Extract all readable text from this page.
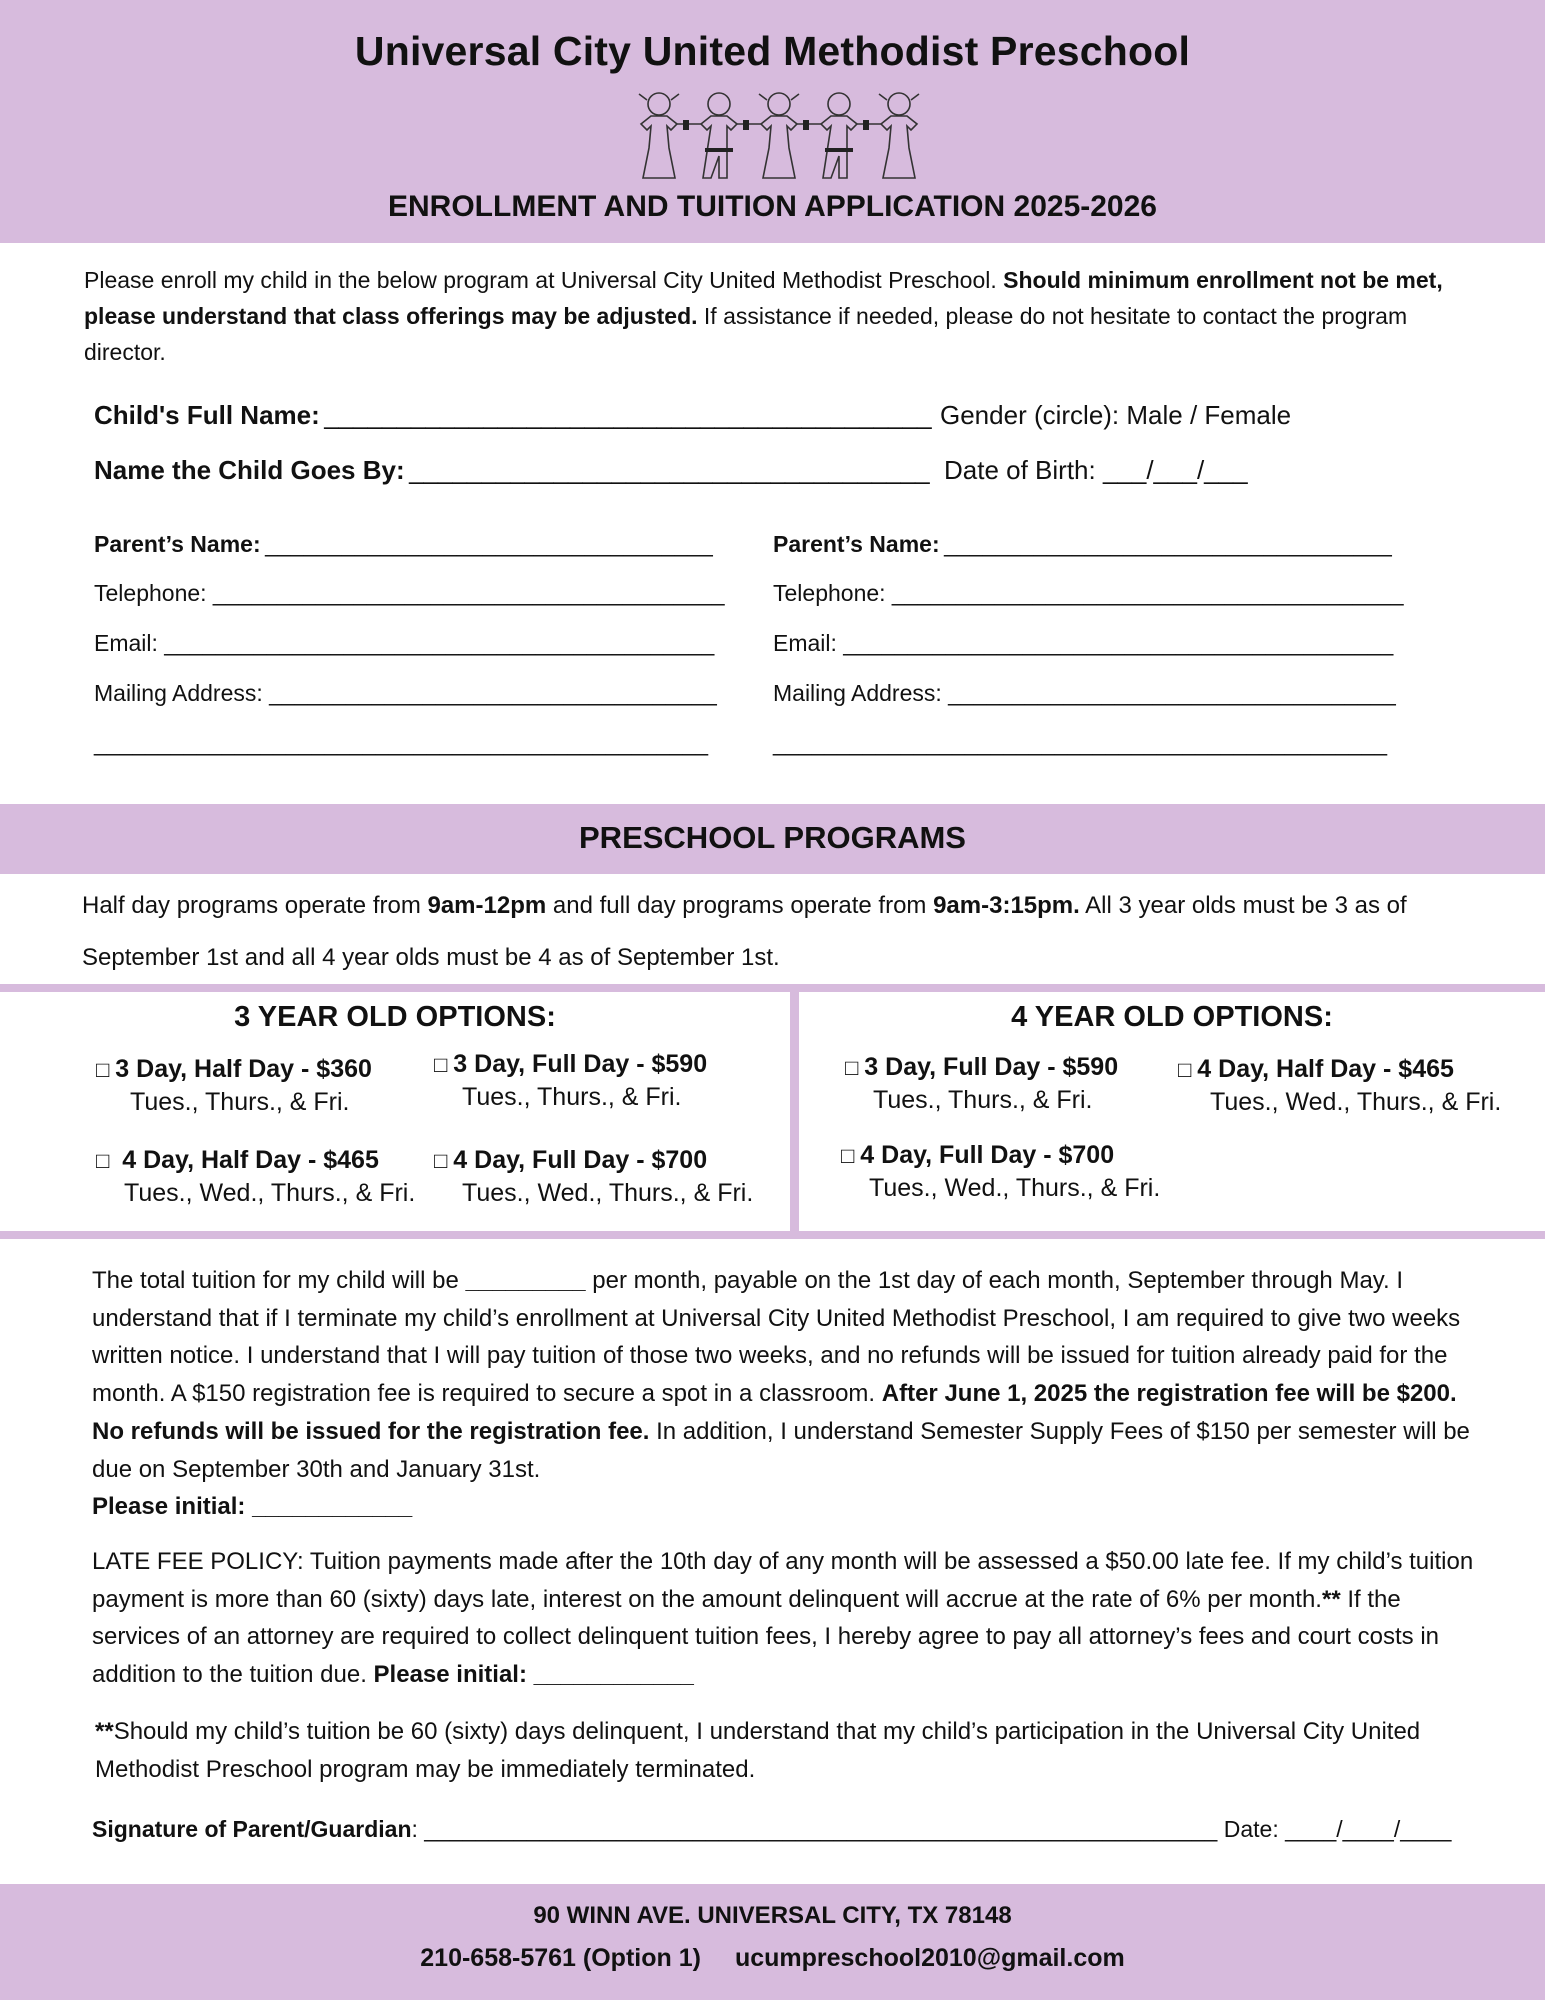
Universal City United Methodist Preschool
ENROLLMENT AND TUITION APPLICATION 2025-2026
Please enroll my child in the below program at Universal City United Methodist Preschool. Should minimum enrollment not be met, please understand that class offerings may be adjusted. If assistance if needed, please do not hesitate to contact the program director.
Child's Full Name: __________________________________________ Gender (circle): Male / Female
Name the Child Goes By: ____________________________________ Date of Birth: ___/___/___
Parent’s Name: ___________________________________
Telephone: ________________________________________
Email: ___________________________________________
Mailing Address: ___________________________________
________________________________________________
Parent’s Name: ___________________________________
Telephone: ________________________________________
Email: ___________________________________________
Mailing Address: ___________________________________
________________________________________________
PRESCHOOL PROGRAMS
Half day programs operate from 9am-12pm and full day programs operate from 9am-3:15pm. All 3 year olds must be 3 as of September 1st and all 4 year olds must be 4 as of September 1st.
3 YEAR OLD OPTIONS:	4 YEAR OLD OPTIONS:
□ 3 Day, Half Day - $360
Tues., Thurs., & Fri.
□ 3 Day, Full Day - $590
Tues., Thurs., & Fri.
□ 4 Day, Half Day - $465
Tues., Wed., Thurs., & Fri.
□ 4 Day, Full Day - $700
Tues., Wed., Thurs., & Fri.
□ 3 Day, Full Day - $590
Tues., Thurs., & Fri.
□ 4 Day, Half Day - $465
Tues., Wed., Thurs., & Fri.
□ 4 Day, Full Day - $700
Tues., Wed., Thurs., & Fri.
The total tuition for my child will be _________ per month, payable on the 1st day of each month, September through May. I understand that if I terminate my child’s enrollment at Universal City United Methodist Preschool, I am required to give two weeks written notice. I understand that I will pay tuition of those two weeks, and no refunds will be issued for tuition already paid for the month. A $150 registration fee is required to secure a spot in a classroom. After June 1, 2025 the registration fee will be $200. No refunds will be issued for the registration fee. In addition, I understand Semester Supply Fees of $150 per semester will be due on September 30th and January 31st.
Please initial: ____________
LATE FEE POLICY: Tuition payments made after the 10th day of any month will be assessed a $50.00 late fee. If my child’s tuition payment is more than 60 (sixty) days late, interest on the amount delinquent will accrue at the rate of 6% per month.** If the services of an attorney are required to collect delinquent tuition fees, I hereby agree to pay all attorney’s fees and court costs in addition to the tuition due. Please initial: ____________
**Should my child’s tuition be 60 (sixty) days delinquent, I understand that my child’s participation in the Universal City United Methodist Preschool program may be immediately terminated.
Signature of Parent/Guardian: ______________________________________________________________ Date: ____/____/____
90 WINN AVE. UNIVERSAL CITY, TX 78148
210-658-5761 (Option 1) ucumpreschool2010@gmail.com
